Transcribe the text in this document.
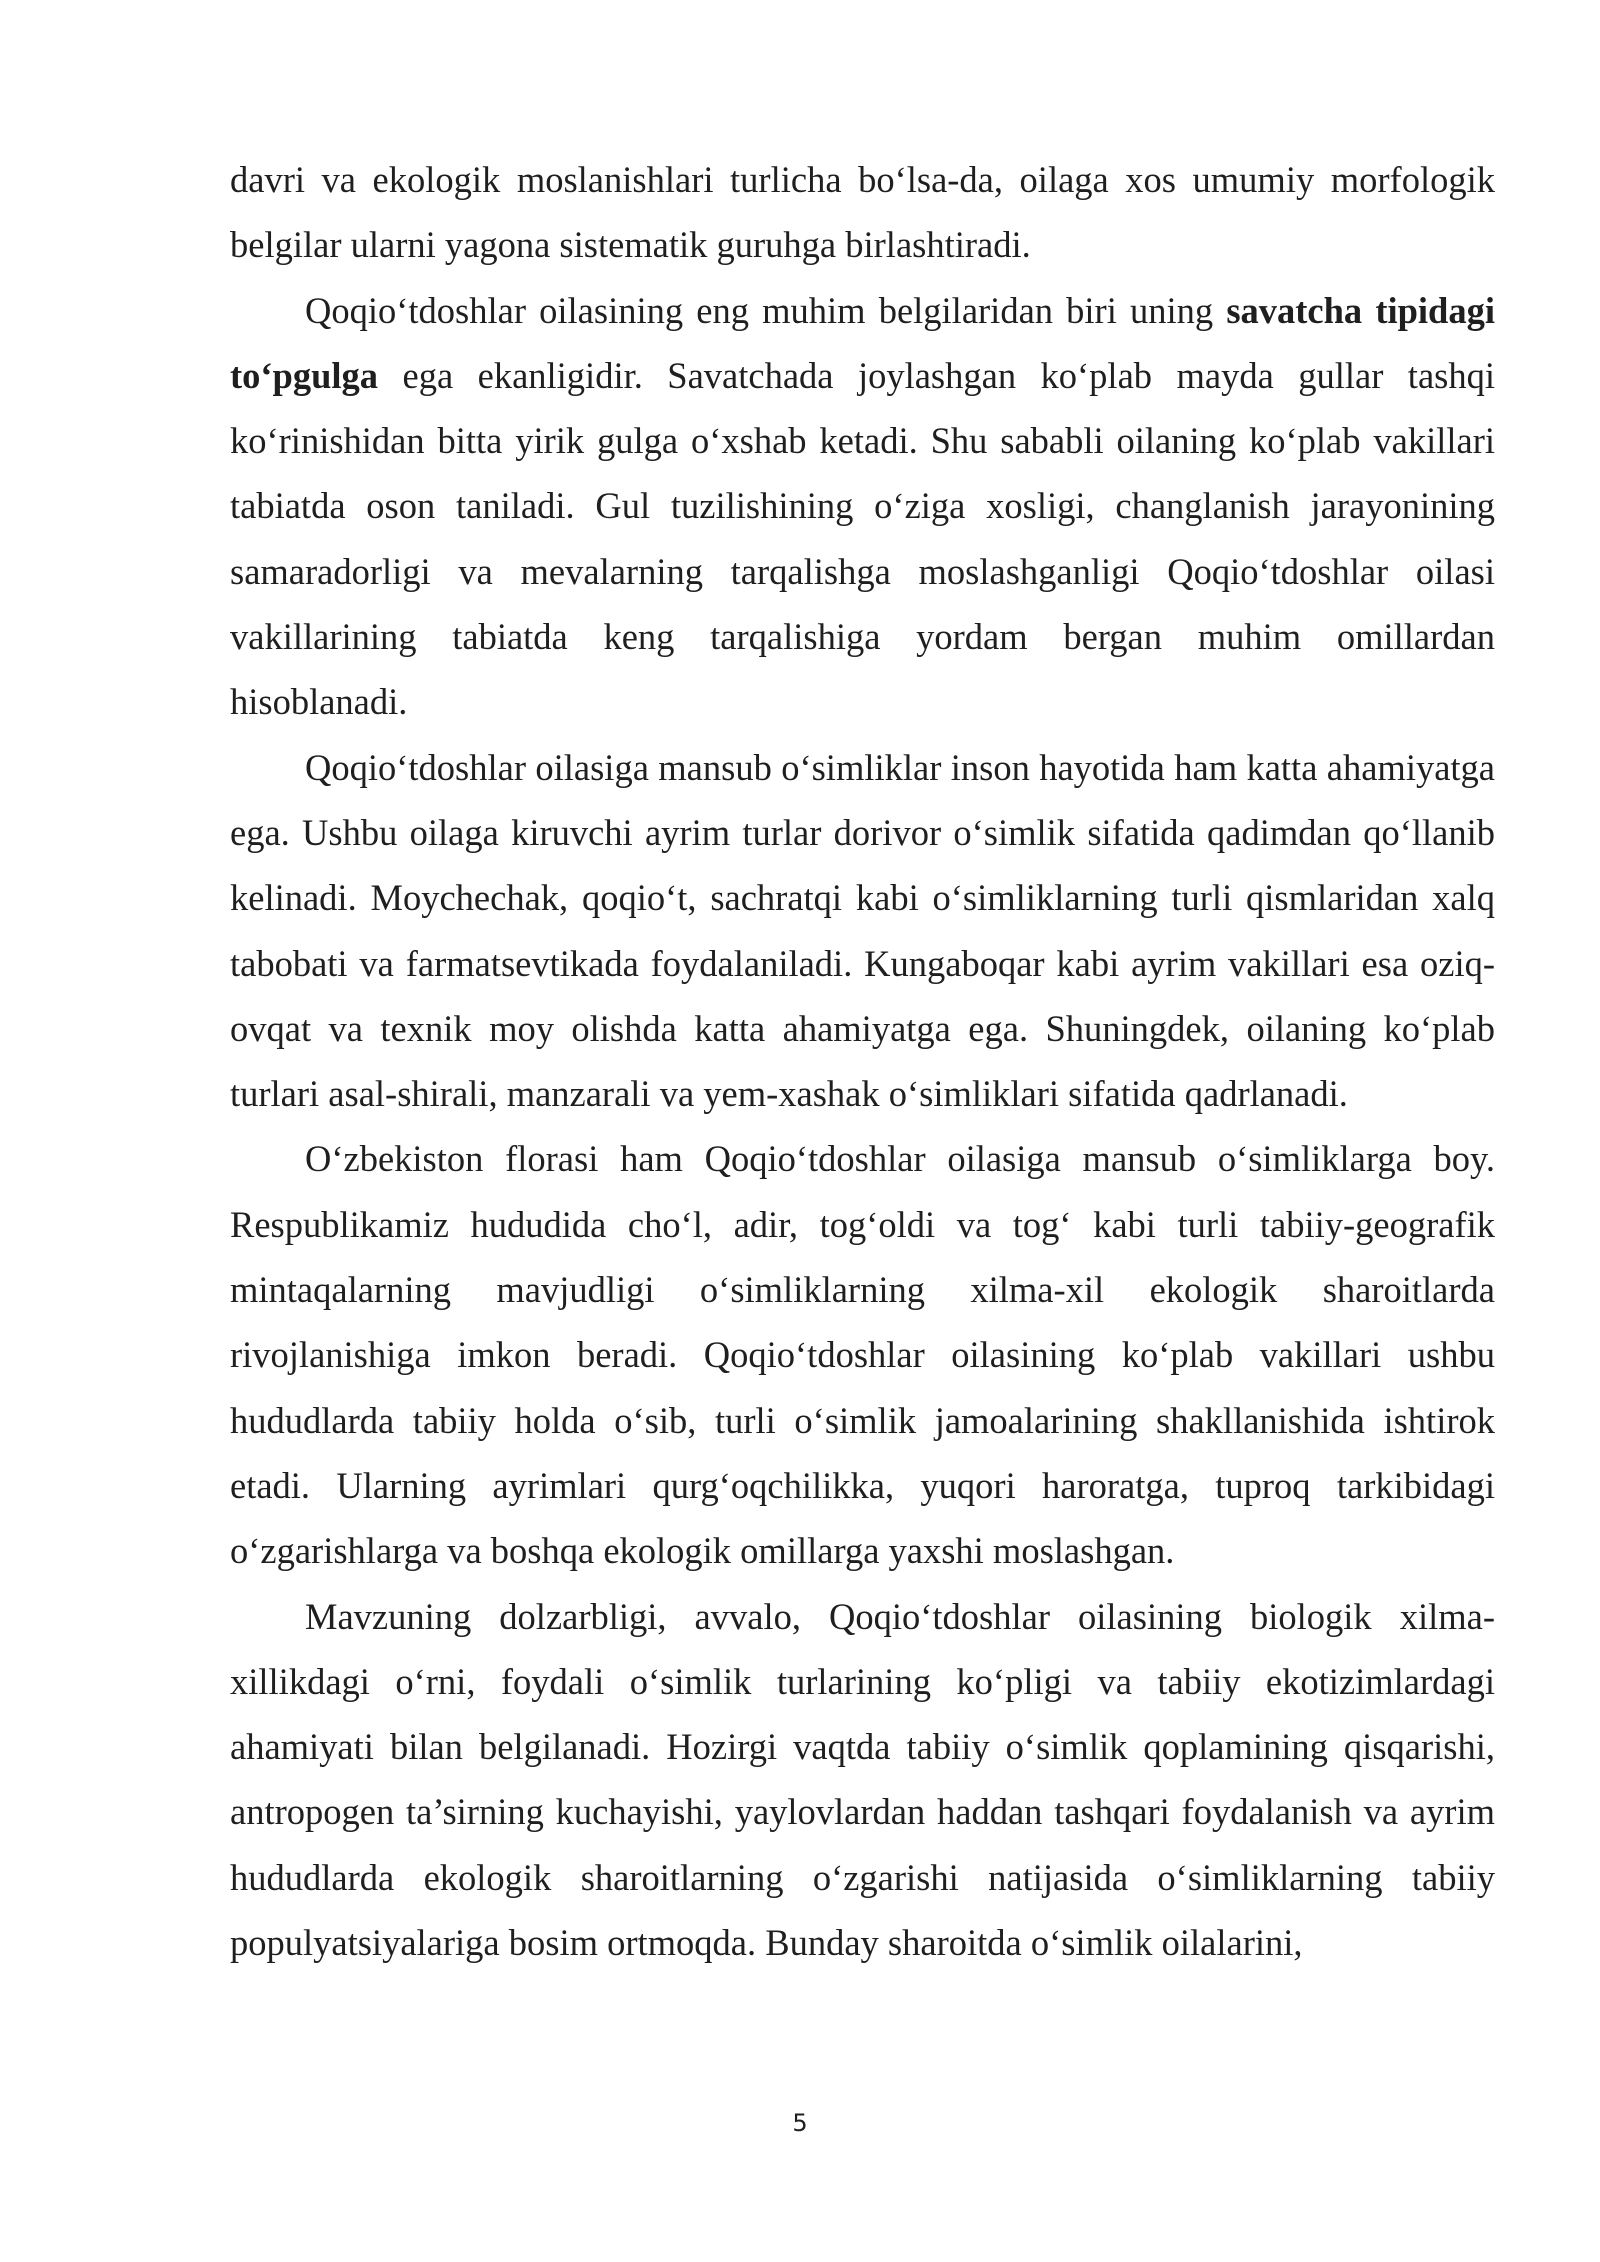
davri va ekologik moslanishlari turlicha bo‘lsa-da, oilaga xos umumiy morfologik belgilar ularni yagona sistematik guruhga birlashtiradi.

Qoqio‘tdoshlar oilasining eng muhim belgilaridan biri uning savatcha tipidagi to‘pgulga ega ekanligidir. Savatchada joylashgan ko‘plab mayda gullar tashqi ko‘rinishidan bitta yirik gulga o‘xshab ketadi. Shu sababli oilaning ko‘plab vakillari tabiatda oson taniladi. Gul tuzilishining o‘ziga xosligi, changlanish jarayonining samaradorligi va mevalarning tarqalishga moslashganligi Qoqio‘tdoshlar oilasi vakillarining tabiatda keng tarqalishiga yordam bergan muhim omillardan hisoblanadi.

Qoqio‘tdoshlar oilasiga mansub o‘simliklar inson hayotida ham katta ahamiyatga ega. Ushbu oilaga kiruvchi ayrim turlar dorivor o‘simlik sifatida qadimdan qo‘llanib kelinadi. Moychechak, qoqio‘t, sachratqi kabi o‘simliklarning turli qismlaridan xalq tabobati va farmatsevtikada foydalaniladi. Kungaboqar kabi ayrim vakillari esa oziq-ovqat va texnik moy olishda katta ahamiyatga ega. Shuningdek, oilaning ko‘plab turlari asal-shirali, manzarali va yem-xashak o‘simliklari sifatida qadrlanadi.

O‘zbekiston florasi ham Qoqio‘tdoshlar oilasiga mansub o‘simliklarga boy. Respublikamiz hududida cho‘l, adir, tog‘oldi va tog‘ kabi turli tabiiy-geografik mintaqalarning mavjudligi o‘simliklarning xilma-xil ekologik sharoitlarda rivojlanishiga imkon beradi. Qoqio‘tdoshlar oilasining ko‘plab vakillari ushbu hududlarda tabiiy holda o‘sib, turli o‘simlik jamoalarining shakllanishida ishtirok etadi. Ularning ayrimlari qurg‘oqchilikka, yuqori haroratga, tuproq tarkibidagi o‘zgarishlarga va boshqa ekologik omillarga yaxshi moslashgan.

Mavzuning dolzarbligi, avvalo, Qoqio‘tdoshlar oilasining biologik xilma-xillikdagi o‘rni, foydali o‘simlik turlarining ko‘pligi va tabiiy ekotizimlardagi ahamiyati bilan belgilanadi. Hozirgi vaqtda tabiiy o‘simlik qoplamining qisqarishi, antropogen ta’sirning kuchayishi, yaylovlardan haddan tashqari foydalanish va ayrim hududlarda ekologik sharoitlarning o‘zgarishi natijasida o‘simliklarning tabiiy populyatsiyalariga bosim ortmoqda. Bunday sharoitda o‘simlik oilalarini,

5
